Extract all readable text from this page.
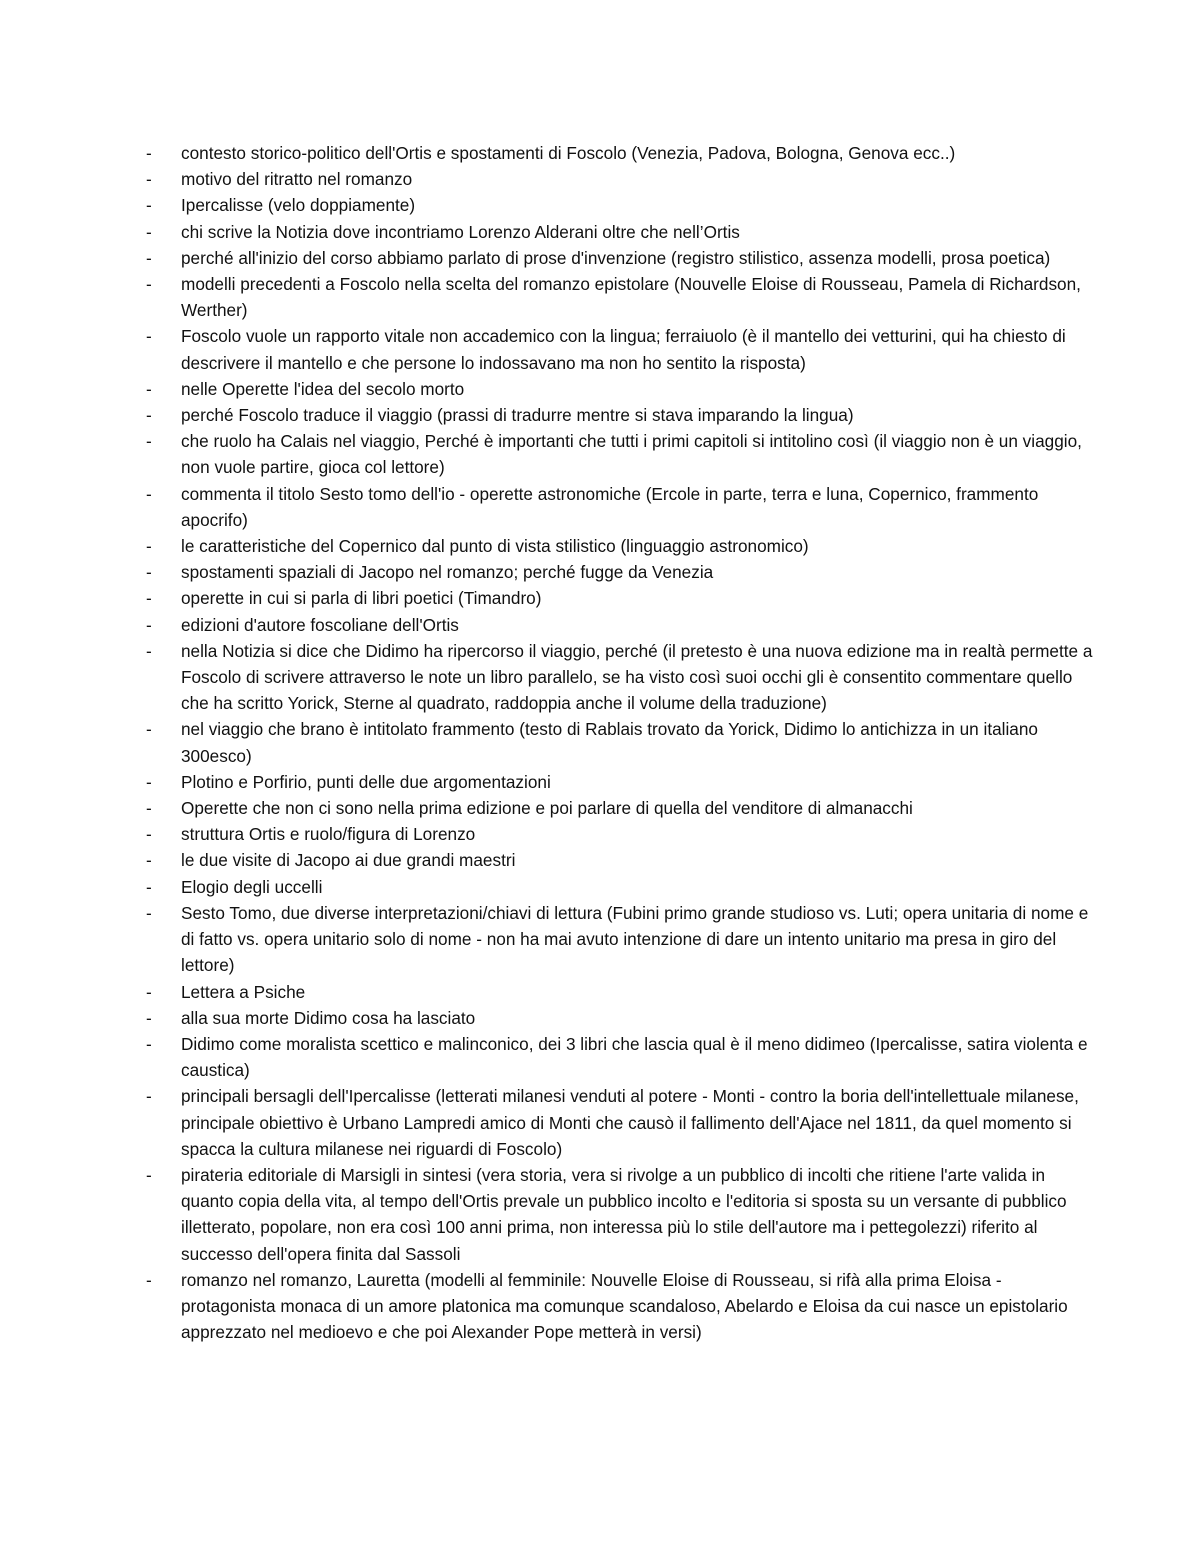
-	contesto storico-politico dell'Ortis e spostamenti di Foscolo (Venezia, Padova, Bologna, Genova ecc..)
-	motivo del ritratto nel romanzo
-	Ipercalisse (velo doppiamente)
-	chi scrive la Notizia dove incontriamo Lorenzo Alderani oltre che nell’Ortis
-	perché all'inizio del corso abbiamo parlato di prose d'invenzione (registro stilistico, assenza modelli, prosa poetica)
-	modelli precedenti a Foscolo nella scelta del romanzo epistolare (Nouvelle Eloise di Rousseau, Pamela di Richardson, Werther)
-	Foscolo vuole un rapporto vitale non accademico con la lingua; ferraiuolo (è il mantello dei vetturini, qui ha chiesto di descrivere il mantello e che persone lo indossavano ma non ho sentito la risposta)
-	nelle Operette l'idea del secolo morto
-	perché Foscolo traduce il viaggio (prassi di tradurre mentre si stava imparando la lingua)
-	che ruolo ha Calais nel viaggio, Perché è importanti che tutti i primi capitoli si intitolino così (il viaggio non è un viaggio, non vuole partire, gioca col lettore)
-	commenta il titolo Sesto tomo dell'io - operette astronomiche (Ercole in parte, terra e luna, Copernico, frammento apocrifo)
-	le caratteristiche del Copernico dal punto di vista stilistico (linguaggio astronomico)
-	spostamenti spaziali di Jacopo nel romanzo; perché fugge da Venezia
-	operette in cui si parla di libri poetici (Timandro)
-	edizioni d'autore foscoliane dell'Ortis
-	nella Notizia si dice che Didimo ha ripercorso il viaggio, perché (il pretesto è una nuova edizione ma in realtà permette a Foscolo di scrivere attraverso le note un libro parallelo, se ha visto così suoi occhi gli è consentito commentare quello che ha scritto Yorick, Sterne al quadrato, raddoppia anche il volume della traduzione)
-	nel viaggio che brano è intitolato frammento (testo di Rablais trovato da Yorick, Didimo lo antichizza in un italiano 300esco)
-	Plotino e Porfirio, punti delle due argomentazioni
-	Operette che non ci sono nella prima edizione e poi parlare di quella del venditore di almanacchi
-	struttura Ortis e ruolo/figura di Lorenzo
-	le due visite di Jacopo ai due grandi maestri
-	Elogio degli uccelli
-	Sesto Tomo, due diverse interpretazioni/chiavi di lettura (Fubini primo grande studioso vs. Luti; opera unitaria di nome e di fatto vs. opera unitario solo di nome - non ha mai avuto intenzione di dare un intento unitario ma presa in giro del lettore)
-	Lettera a Psiche
-	alla sua morte Didimo cosa ha lasciato
-	Didimo come moralista scettico e malinconico, dei 3 libri che lascia qual è il meno didimeo (Ipercalisse, satira violenta e caustica)
-	principali bersagli dell'Ipercalisse (letterati milanesi venduti al potere - Monti - contro la boria dell'intellettuale milanese, principale obiettivo è Urbano Lampredi amico di Monti che causò il fallimento dell'Ajace nel 1811, da quel momento si spacca la cultura milanese nei riguardi di Foscolo)
-	pirateria editoriale di Marsigli in sintesi (vera storia, vera si rivolge a un pubblico di incolti che ritiene l'arte valida in quanto copia della vita, al tempo dell'Ortis prevale un pubblico incolto e l'editoria si sposta su un versante di pubblico illetterato, popolare, non era così 100 anni prima, non interessa più lo stile dell'autore ma i pettegolezzi) riferito al successo dell'opera finita dal Sassoli
-	romanzo nel romanzo, Lauretta (modelli al femminile: Nouvelle Eloise di Rousseau, si rifà alla prima Eloisa - protagonista monaca di un amore platonica ma comunque scandaloso, Abelardo e Eloisa da cui nasce un epistolario apprezzato nel medioevo e che poi Alexander Pope metterà in versi)
